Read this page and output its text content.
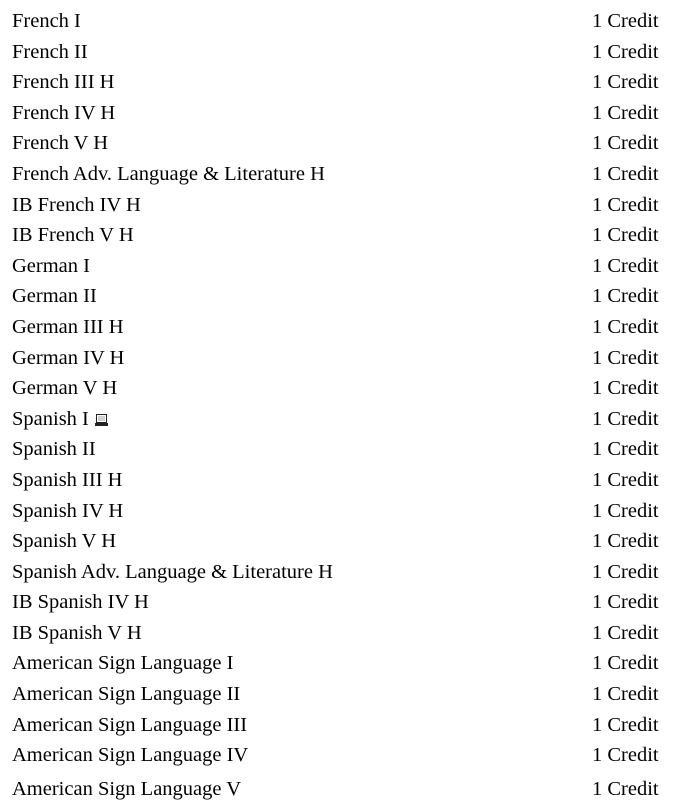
French I	1 Credit
French II	1 Credit
French III H	1 Credit
French IV H	1 Credit
French V H	1 Credit
French Adv. Language & Literature H	1 Credit
IB French IV H	1 Credit
IB French V H	1 Credit
German I	1 Credit
German II	1 Credit
German III H	1 Credit
German IV H	1 Credit
German V H	1 Credit
Spanish I	1 Credit
Spanish II	1 Credit
Spanish III H	1 Credit
Spanish IV H	1 Credit
Spanish V H	1 Credit
Spanish Adv. Language & Literature H	1 Credit
IB Spanish IV H	1 Credit
IB Spanish V H	1 Credit
American Sign Language I	1 Credit
American Sign Language II	1 Credit
American Sign Language III	1 Credit
American Sign Language IV	1 Credit
American Sign Language V	1 Credit
